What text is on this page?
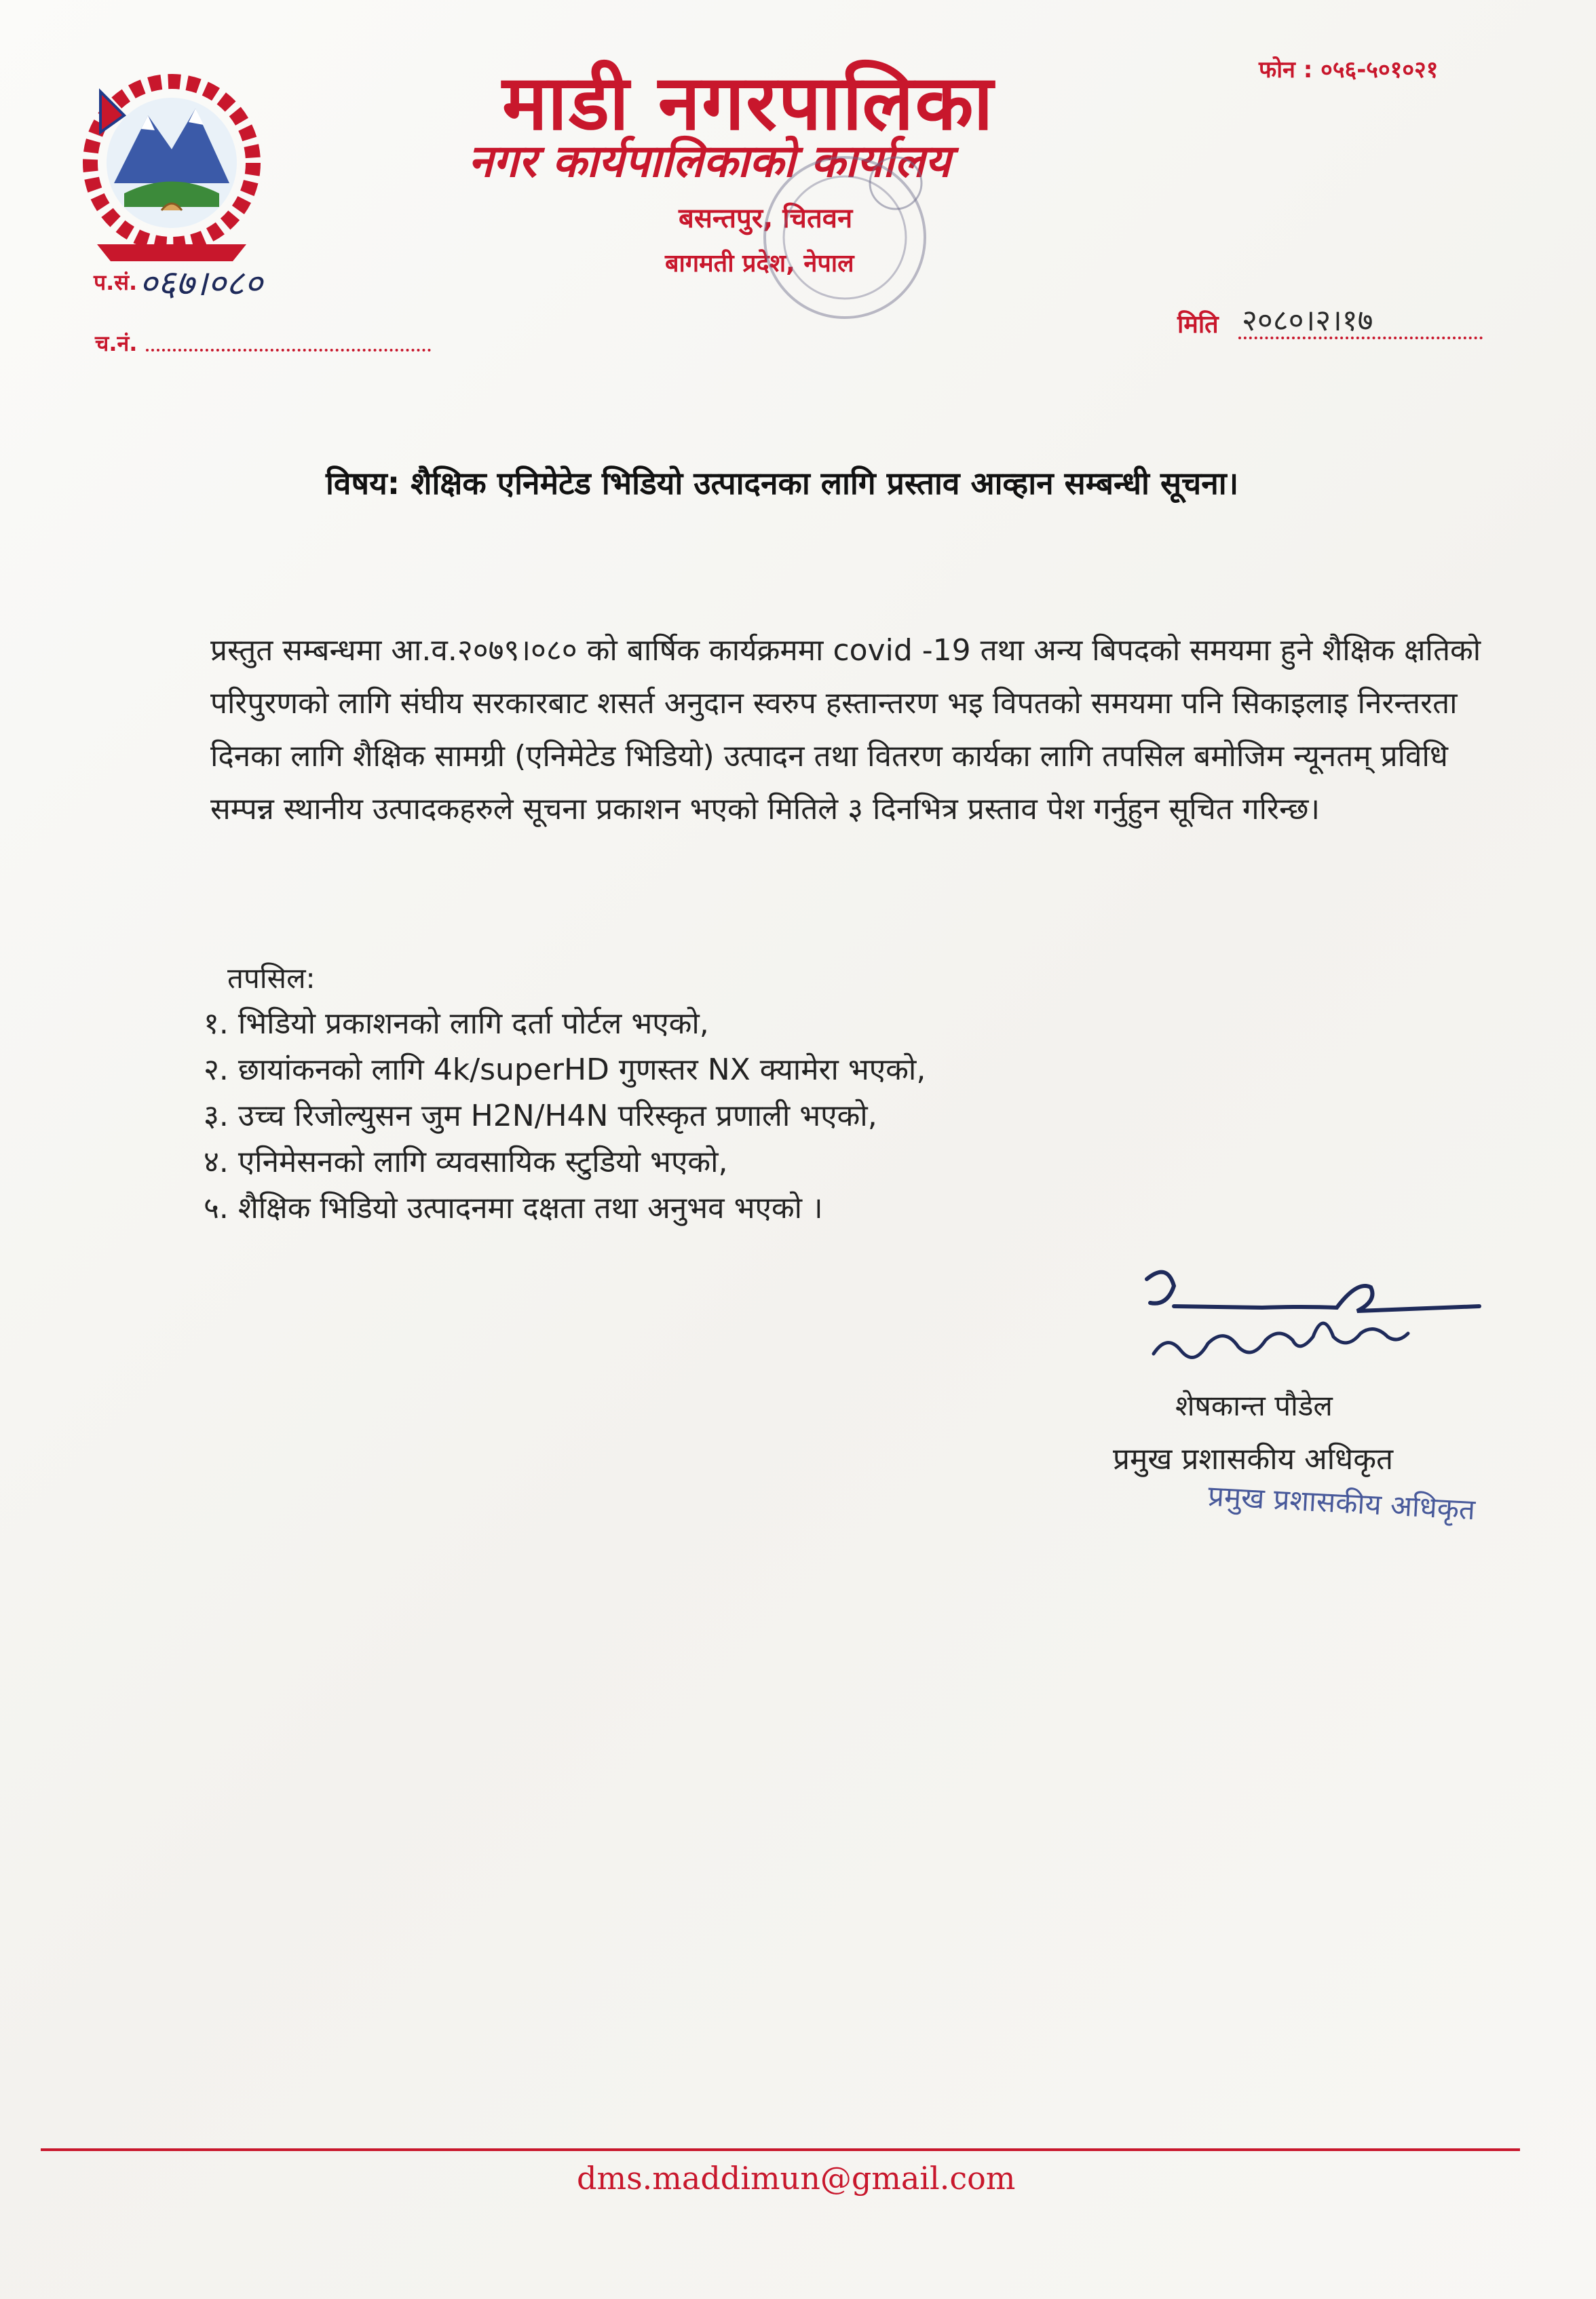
माडी नगरपालिका
नगर कार्यपालिकाको कार्यालय
बसन्तपुर, चितवन
बागमती प्रदेश, नेपाल
फोन : ०५६-५०१०२१
प.सं. ०६७।०८०
च.नं.
मिति २०८०।२।१७
विषय: शैक्षिक एनिमेटेड भिडियो उत्पादनका लागि प्रस्ताव आव्हान सम्बन्धी सूचना।
प्रस्तुत सम्बन्धमा आ.व.२०७९।०८० को बार्षिक कार्यक्रममा covid -19 तथा अन्य बिपदको समयमा हुने शैक्षिक क्षतिको परिपुरणको लागि संघीय सरकारबाट शसर्त अनुदान स्वरुप हस्तान्तरण भइ विपतको समयमा पनि सिकाइलाइ निरन्तरता दिनका लागि शैक्षिक सामग्री (एनिमेटेड भिडियो) उत्पादन तथा वितरण कार्यका लागि तपसिल बमोजिम न्यूनतम् प्रविधि सम्पन्न स्थानीय उत्पादकहरुले सूचना प्रकाशन भएको मितिले ३ दिनभित्र प्रस्ताव पेश गर्नुहुन सूचित गरिन्छ।
तपसिल:
१. भिडियो प्रकाशनको लागि दर्ता पोर्टल भएको,
२. छायांकनको लागि 4k/superHD गुणस्तर NX क्यामेरा भएको,
३. उच्च रिजोल्युसन जुम H2N/H4N परिस्कृत प्रणाली भएको,
४. एनिमेसनको लागि व्यवसायिक स्टुडियो भएको,
५. शैक्षिक भिडियो उत्पादनमा दक्षता तथा अनुभव भएको ।
शेषकान्त पौडेल
प्रमुख प्रशासकीय अधिकृत
प्रमुख प्रशासकीय अधिकृत
dms.maddimun@gmail.com
